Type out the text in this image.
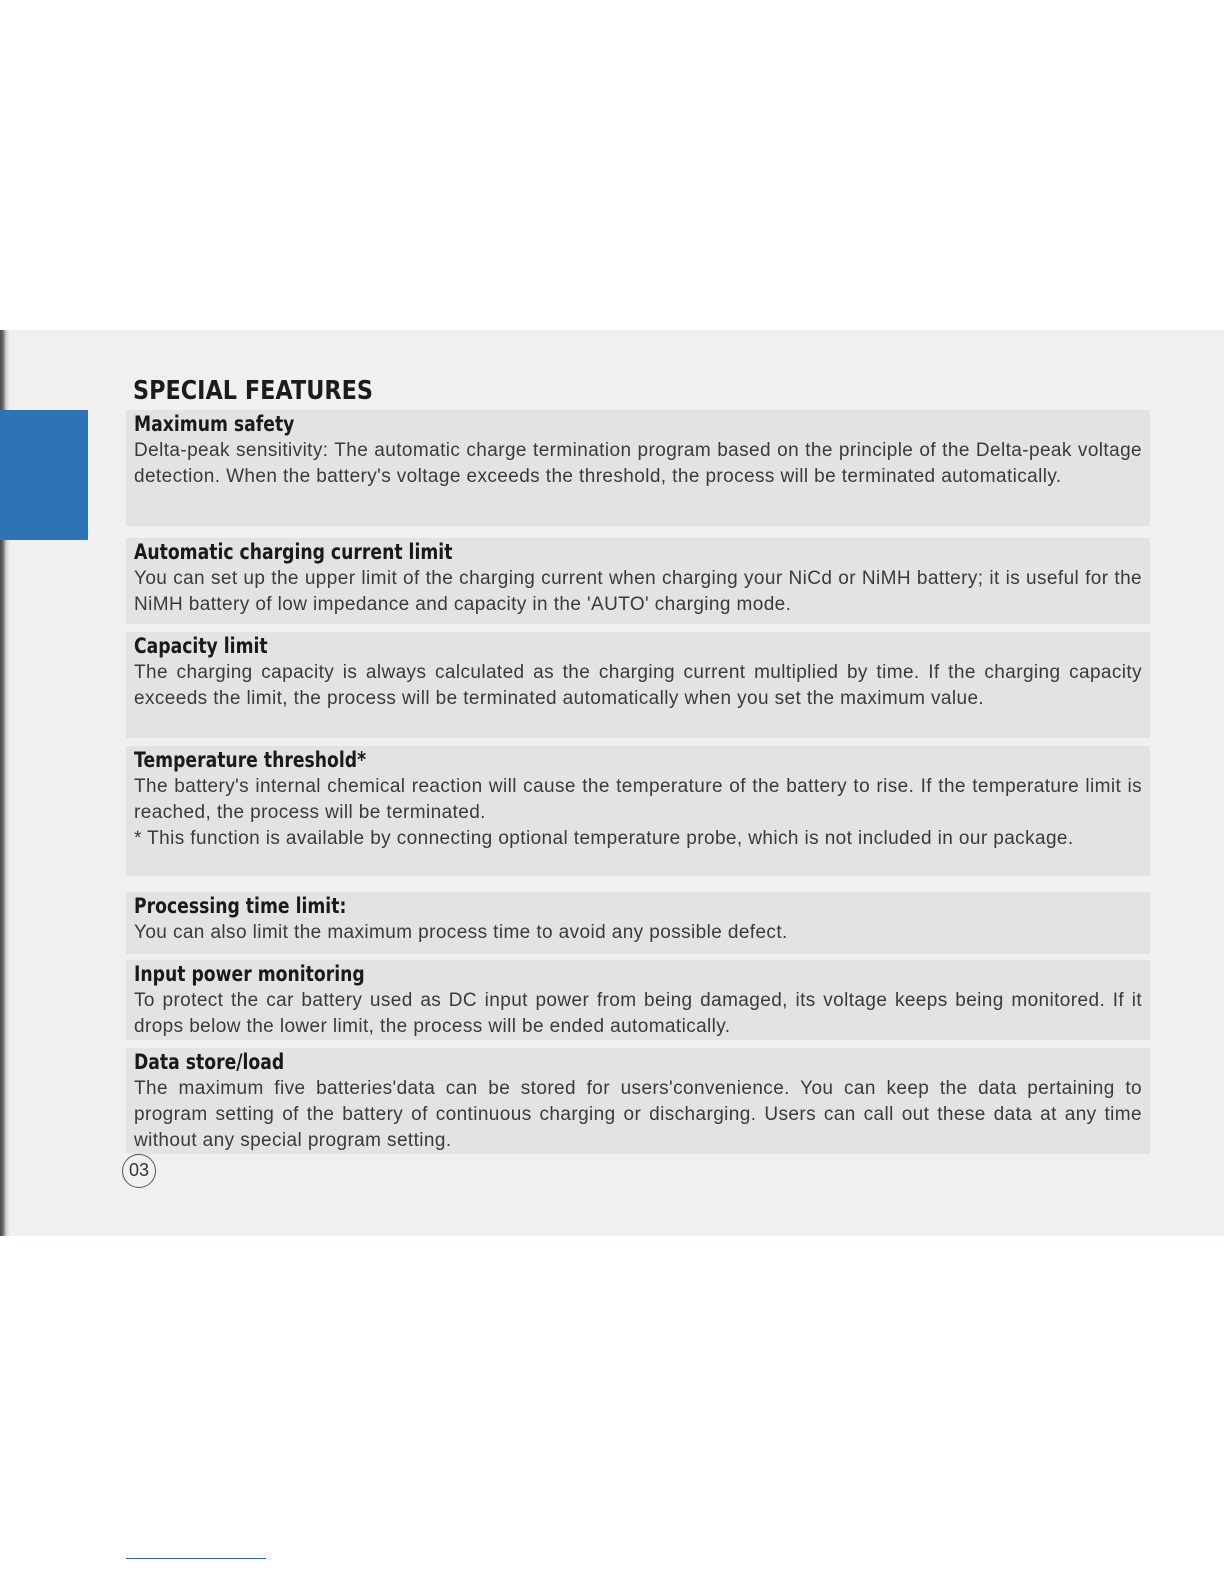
SPECIAL FEATURES
Maximum safety

Delta-peak sensitivity: The automatic charge termination program based on the principle of the Delta-peak voltage detection. When the battery's voltage exceeds the threshold, the process will be terminated automatically.

Automatic charging current limit

You can set up the upper limit of the charging current when charging your NiCd or NiMH battery; it is useful for the NiMH battery of low impedance and capacity in the 'AUTO' charging mode.

Capacity limit

The charging capacity is always calculated as the charging current multiplied by time. If the charging capacity exceeds the limit, the process will be terminated automatically when you set the maximum value.

Temperature threshold*

The battery's internal chemical reaction will cause the temperature of the battery to rise. If the temperature limit is reached, the process will be terminated.

* This function is available by connecting optional temperature probe, which is not included in our package.

Processing time limit:

You can also limit the maximum process time to avoid any possible defect.

Input power monitoring

To protect the car battery used as DC input power from being damaged, its voltage keeps being monitored. If it drops below the lower limit, the process will be ended automatically.

Data store/load

The maximum five batteries'data can be stored for users'convenience. You can keep the data pertaining to program setting of the battery of continuous charging or discharging. Users can call out these data at any time without any special program setting.

03
